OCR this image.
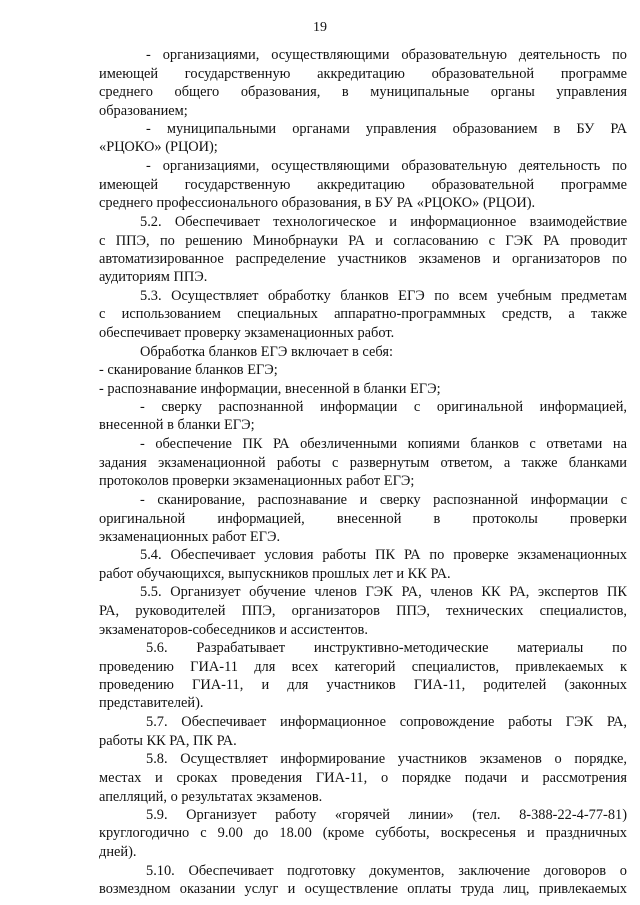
19
- организациями, осуществляющими образовательную деятельность по
имеющей государственную аккредитацию образовательной программе
среднего общего образования, в муниципальные органы управления
образованием;
- муниципальными органами управления образованием в БУ РА
«РЦОКО» (РЦОИ);
- организациями, осуществляющими образовательную деятельность по
имеющей государственную аккредитацию образовательной программе
среднего профессионального образования, в БУ РА «РЦОКО» (РЦОИ).
5.2. Обеспечивает технологическое и информационное взаимодействие
с ППЭ, по решению Минобрнауки РА и согласованию с ГЭК РА проводит
автоматизированное распределение участников экзаменов и организаторов по
аудиториям ППЭ.
5.3. Осуществляет обработку бланков ЕГЭ по всем учебным предметам
с использованием специальных аппаратно-программных средств, а также
обеспечивает проверку экзаменационных работ.
Обработка бланков ЕГЭ включает в себя:
- сканирование бланков ЕГЭ;
- распознавание информации, внесенной в бланки ЕГЭ;
- сверку распознанной информации с оригинальной информацией,
внесенной в бланки ЕГЭ;
- обеспечение ПК РА обезличенными копиями бланков с ответами на
задания экзаменационной работы с развернутым ответом, а также бланками
протоколов проверки экзаменационных работ ЕГЭ;
- сканирование, распознавание и сверку распознанной информации с
оригинальной информацией, внесенной в протоколы проверки
экзаменационных работ ЕГЭ.
5.4. Обеспечивает условия работы ПК РА по проверке экзаменационных
работ обучающихся, выпускников прошлых лет и КК РА.
5.5. Организует обучение членов ГЭК РА, членов КК РА, экспертов ПК
РА, руководителей ППЭ, организаторов ППЭ, технических специалистов,
экзаменаторов-собеседников и ассистентов.
5.6. Разрабатывает инструктивно-методические материалы по
проведению ГИА-11 для всех категорий специалистов, привлекаемых к
проведению ГИА-11, и для участников ГИА-11, родителей (законных
представителей).
5.7. Обеспечивает информационное сопровождение работы ГЭК РА,
работы КК РА, ПК РА.
5.8. Осуществляет информирование участников экзаменов о порядке,
местах и сроках проведения ГИА-11, о порядке подачи и рассмотрения
апелляций, о результатах экзаменов.
5.9. Организует работу «горячей линии» (тел. 8-388-22-4-77-81)
круглогодично с 9.00 до 18.00 (кроме субботы, воскресенья и праздничных
дней).
5.10. Обеспечивает подготовку документов, заключение договоров о
возмездном оказании услуг и осуществление оплаты труда лиц, привлекаемых
